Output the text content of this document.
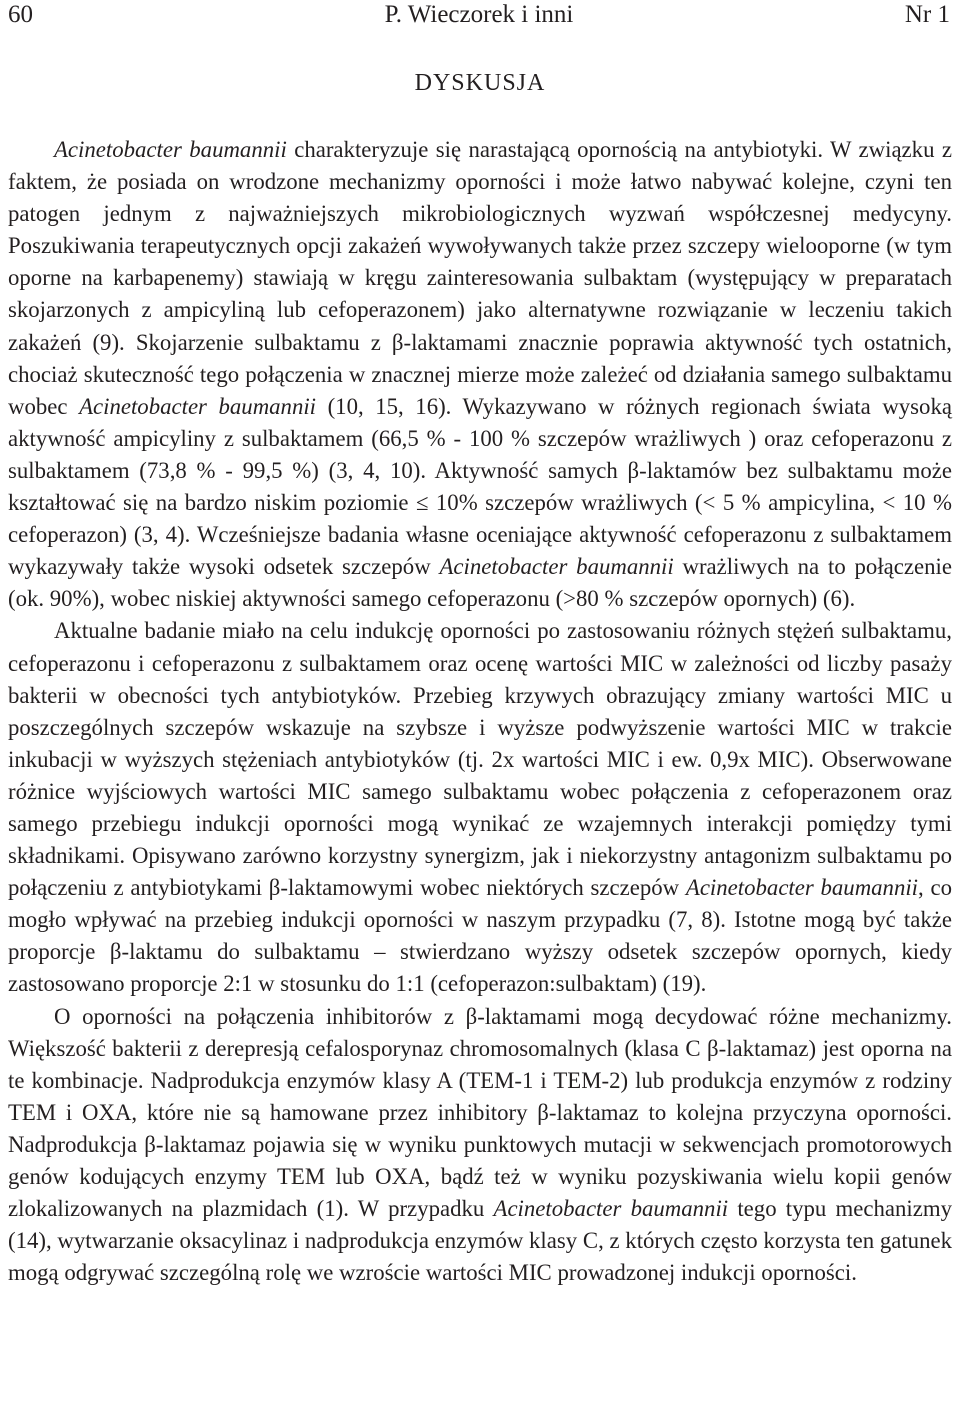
60	P. Wieczorek i inni	Nr 1
DYSKUSJA

Acinetobacter baumannii charakteryzuje się narastającą opornością na antybiotyki. W związku z faktem, że posiada on wrodzone mechanizmy oporności i może łatwo nabywać kolejne, czyni ten patogen jednym z najważniejszych mikrobiologicznych wyzwań współczesnej medycyny. Poszukiwania terapeutycznych opcji zakażeń wywoływanych także przez szczepy wielooporne (w tym oporne na karbapenemy) stawiają w kręgu zainteresowania sulbaktam (występujący w preparatach skojarzonych z ampicyliną lub cefoperazonem) jako alternatywne rozwiązanie w leczeniu takich zakażeń (9). Skojarzenie sulbaktamu z β-laktamami znacznie poprawia aktywność tych ostatnich, chociaż skuteczność tego połączenia w znacznej mierze może zależeć od działania samego sulbaktamu wobec Acinetobacter baumannii (10, 15, 16). Wykazywano w różnych regionach świata wysoką aktywność ampicyliny z sulbaktamem (66,5 % - 100 % szczepów wrażliwych ) oraz cefoperazonu z sulbaktamem (73,8 % - 99,5 %) (3, 4, 10). Aktywność samych β-laktamów bez sulbaktamu może kształtować się na bardzo niskim poziomie ≤ 10% szczepów wrażliwych (< 5 % ampicylina, < 10 % cefoperazon) (3, 4). Wcześniejsze badania własne oceniające aktywność cefoperazonu z sulbaktamem wykazywały także wysoki odsetek szczepów Acinetobacter baumannii wrażliwych na to połączenie (ok. 90%), wobec niskiej aktywności samego cefoperazonu (>80 % szczepów opornych) (6).

Aktualne badanie miało na celu indukcję oporności po zastosowaniu różnych stężeń sulbaktamu, cefoperazonu i cefoperazonu z sulbaktamem oraz ocenę wartości MIC w zależności od liczby pasaży bakterii w obecności tych antybiotyków. Przebieg krzywych obrazujący zmiany wartości MIC u poszczególnych szczepów wskazuje na szybsze i wyższe podwyższenie wartości MIC w trakcie inkubacji w wyższych stężeniach antybiotyków (tj. 2x wartości MIC i ew. 0,9x MIC). Obserwowane różnice wyjściowych wartości MIC samego sulbaktamu wobec połączenia z cefoperazonem oraz samego przebiegu indukcji oporności mogą wynikać ze wzajemnych interakcji pomiędzy tymi składnikami. Opisywano zarówno korzystny synergizm, jak i niekorzystny antagonizm sulbaktamu po połączeniu z antybiotykami β-laktamowymi wobec niektórych szczepów Acinetobacter baumannii, co mogło wpływać na przebieg indukcji oporności w naszym przypadku (7, 8). Istotne mogą być także proporcje β-laktamu do sulbaktamu – stwierdzano wyższy odsetek szczepów opornych, kiedy zastosowano proporcje 2:1 w stosunku do 1:1 (cefoperazon:sulbaktam) (19).

O oporności na połączenia inhibitorów z β-laktamami mogą decydować różne mechanizmy. Większość bakterii z derepresją cefalosporynaz chromosomalnych (klasa C β-laktamaz) jest oporna na te kombinacje. Nadprodukcja enzymów klasy A (TEM-1 i TEM-2) lub produkcja enzymów z rodziny TEM i OXA, które nie są hamowane przez inhibitory β-laktamaz to kolejna przyczyna oporności. Nadprodukcja β-laktamaz pojawia się w wyniku punktowych mutacji w sekwencjach promotorowych genów kodujących enzymy TEM lub OXA, bądź też w wyniku pozyskiwania wielu kopii genów zlokalizowanych na plazmidach (1). W przypadku Acinetobacter baumannii tego typu mechanizmy (14), wytwarzanie oksacylinaz i nadprodukcja enzymów klasy C, z których często korzysta ten gatunek mogą odgrywać szczególną rolę we wzroście wartości MIC prowadzonej indukcji oporności.
